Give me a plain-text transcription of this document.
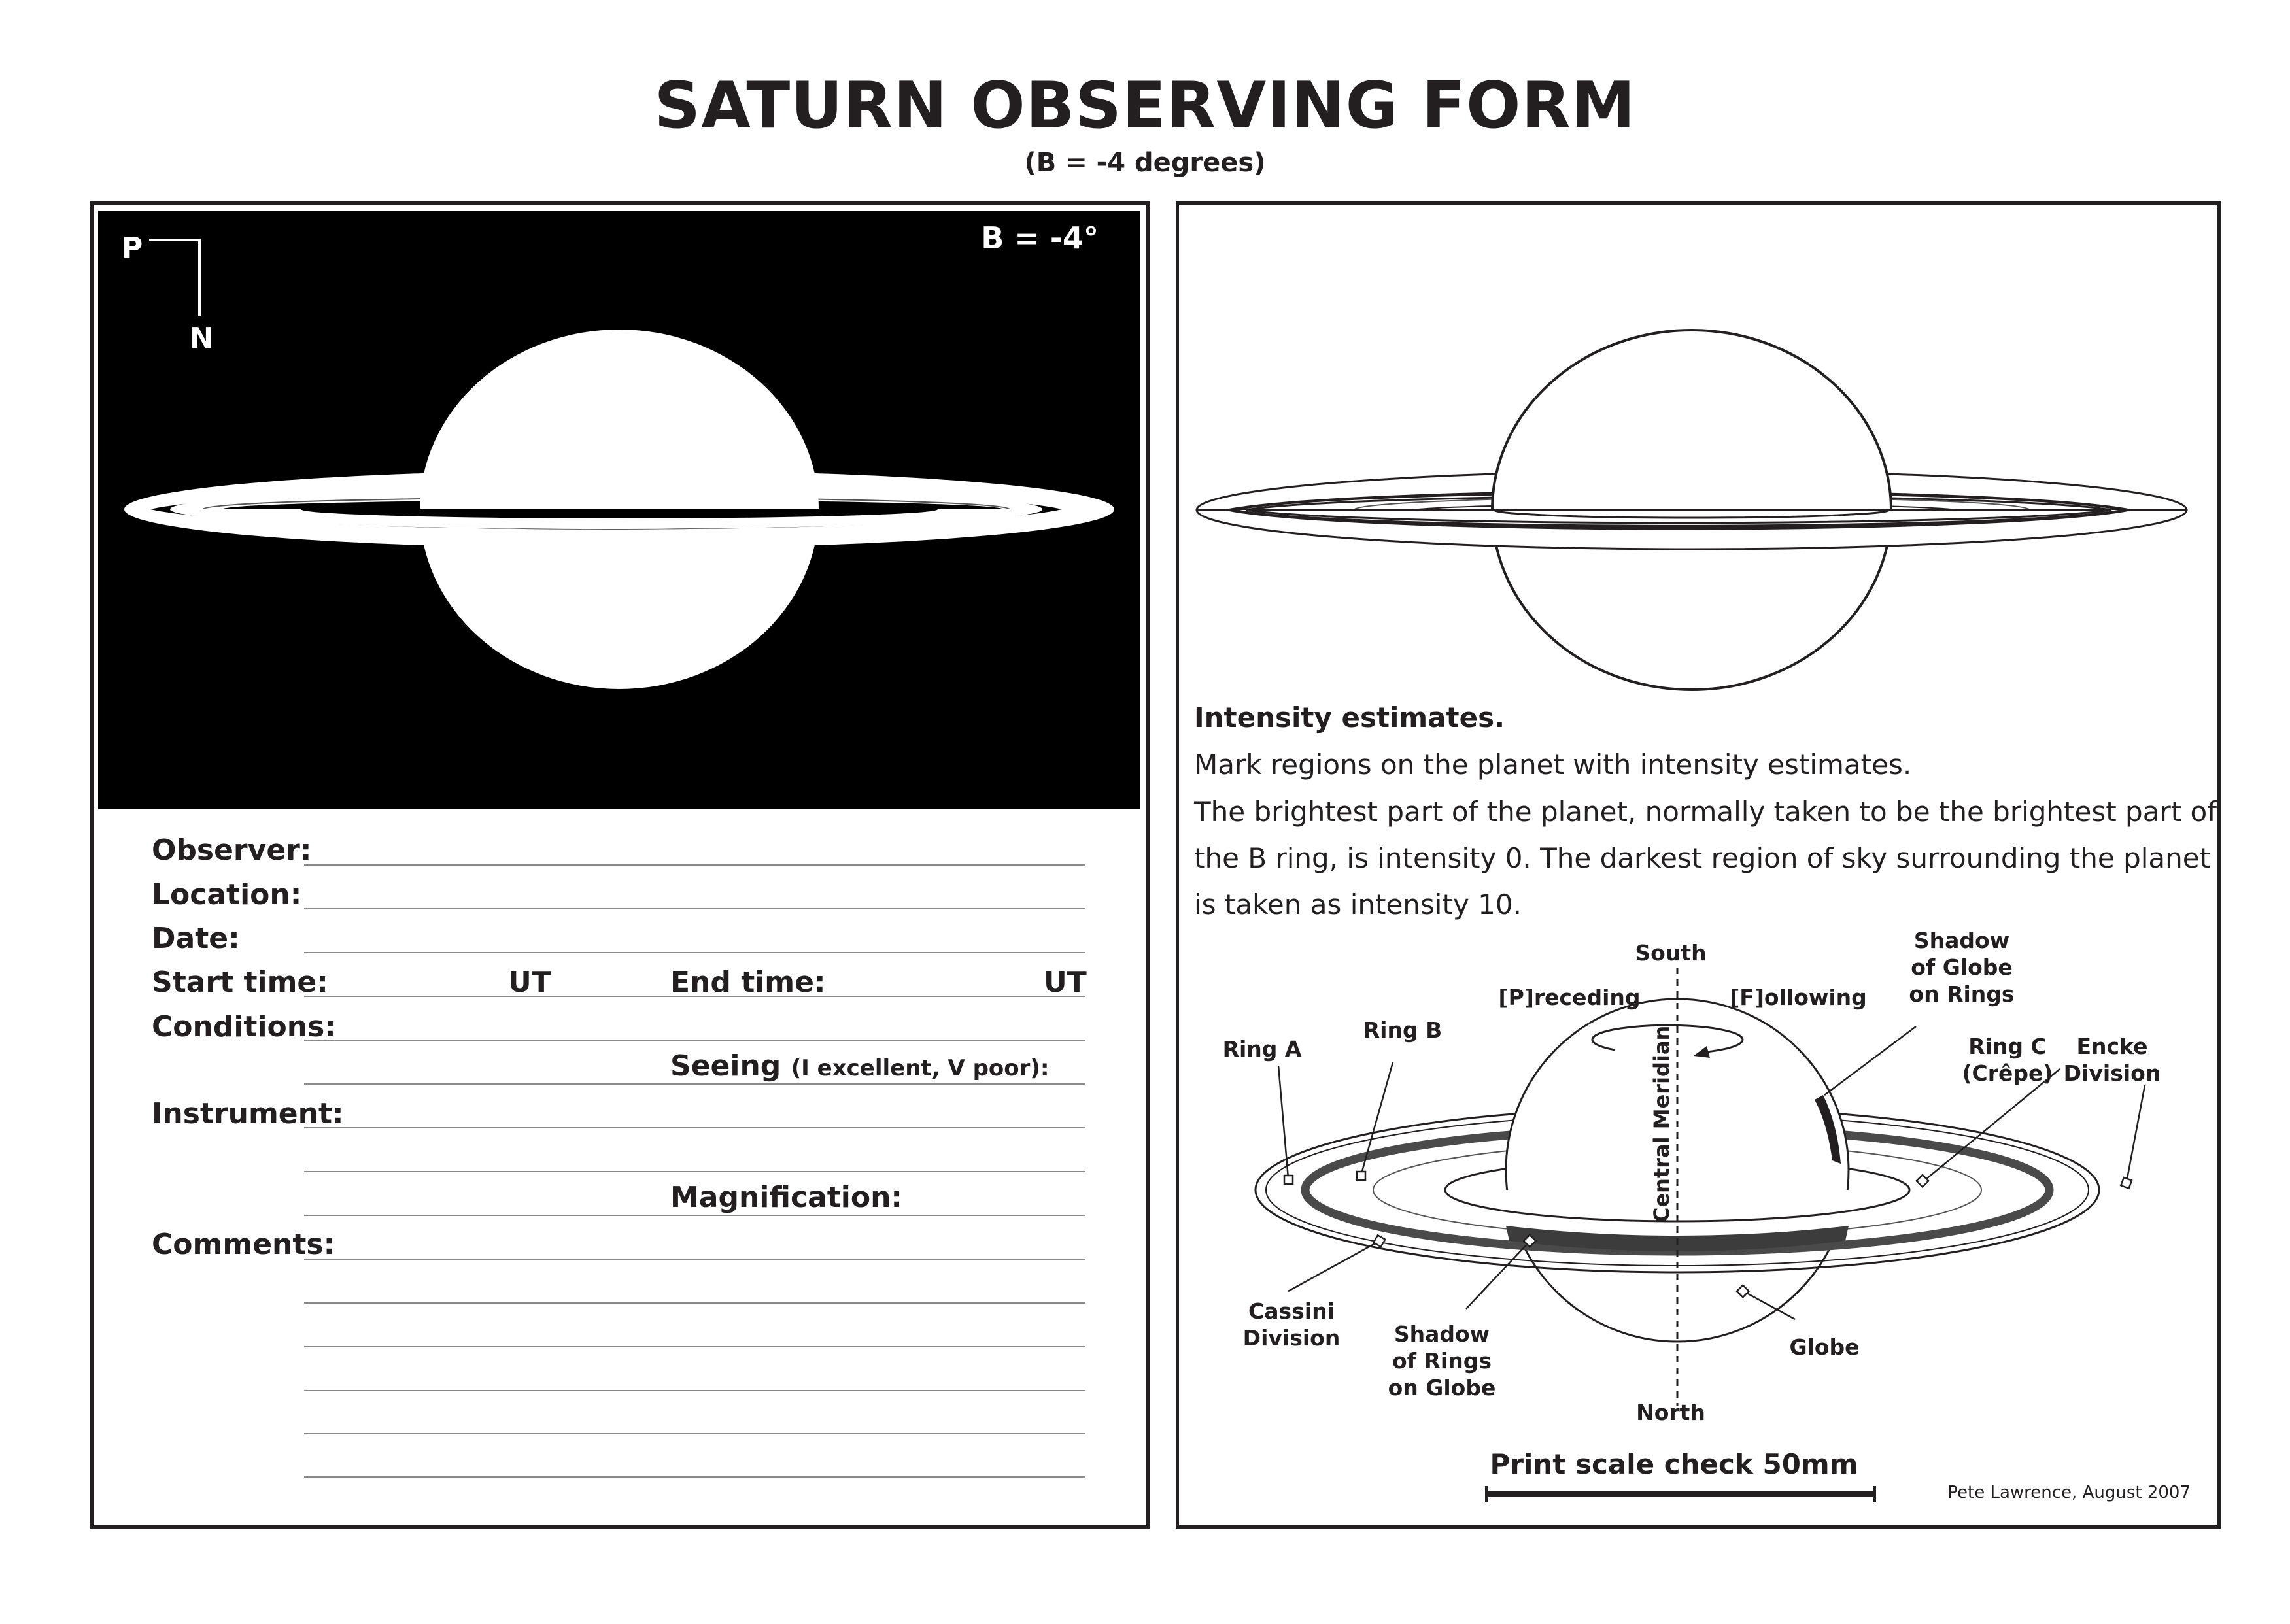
SATURN OBSERVING FORM
(B = -4 degrees)
P
N
B = -4°
Observer:
Location:
Date:
Start time:	UT	End time:	UT
Conditions:
Seeing (I excellent, V poor):
Instrument:
Magnification:
Comments:
Intensity estimates.
Mark regions on the planet with intensity estimates.
The brightest part of the planet, normally taken to be the brightest part of
the B ring, is intensity 0. The darkest region of sky surrounding the planet
is taken as intensity 10.
Central Meridian
South
[P]receding	[F]ollowing
Ring A
Ring B
Shadow
of Globe
on Rings
Ring C
(Crêpe)
Encke
Division
Cassini
Division	Shadow
of Rings
on Globe
Globe
North
Print scale check 50mm
Pete Lawrence, August 2007
